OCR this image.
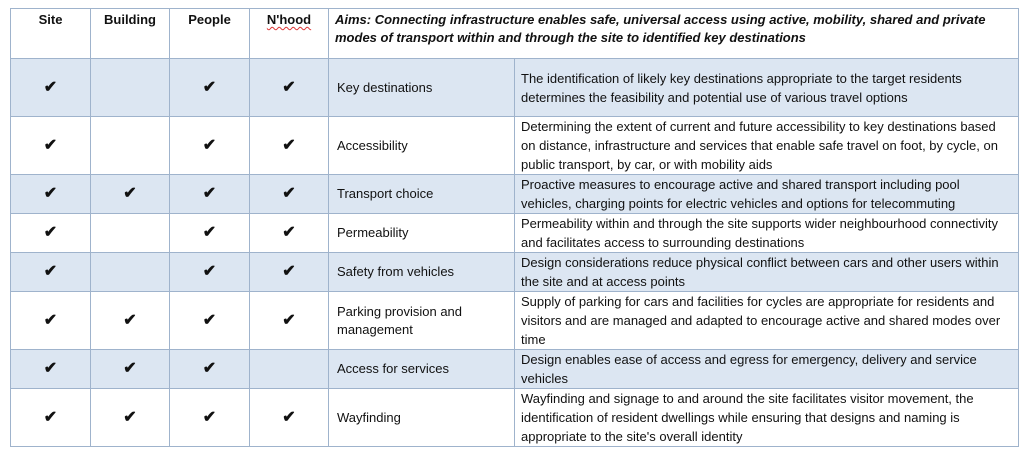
Site	Building	People	N'hood	Aims: Connecting infrastructure enables safe, universal access using active, mobility, shared and private modes of transport within and through the site to identified key destinations	
✔		✔	✔	Key destinations	The identification of likely key destinations appropriate to the target residents determines the feasibility and potential use of various travel options
✔		✔	✔	Accessibility	Determining the extent of current and future accessibility to key destinations based on distance, infrastructure and services that enable safe travel on foot, by cycle, on public transport, by car, or with mobility aids
✔	✔	✔	✔	Transport choice	Proactive measures to encourage active and shared transport including pool vehicles, charging points for electric vehicles and options for telecommuting
✔		✔	✔	Permeability	Permeability within and through the site supports wider neighbourhood connectivity and facilitates access to surrounding destinations
✔		✔	✔	Safety from vehicles	Design considerations reduce physical conflict between cars and other users within the site and at access points
✔	✔	✔	✔	Parking provision and management	Supply of parking for cars and facilities for cycles are appropriate for residents and visitors and are managed and adapted to encourage active and shared modes over time
✔	✔	✔		Access for services	Design enables ease of access and egress for emergency, delivery and service vehicles
✔	✔	✔	✔	Wayfinding	Wayfinding and signage to and around the site facilitates visitor movement, the identification of resident dwellings while ensuring that designs and naming is appropriate to the site's overall identity
